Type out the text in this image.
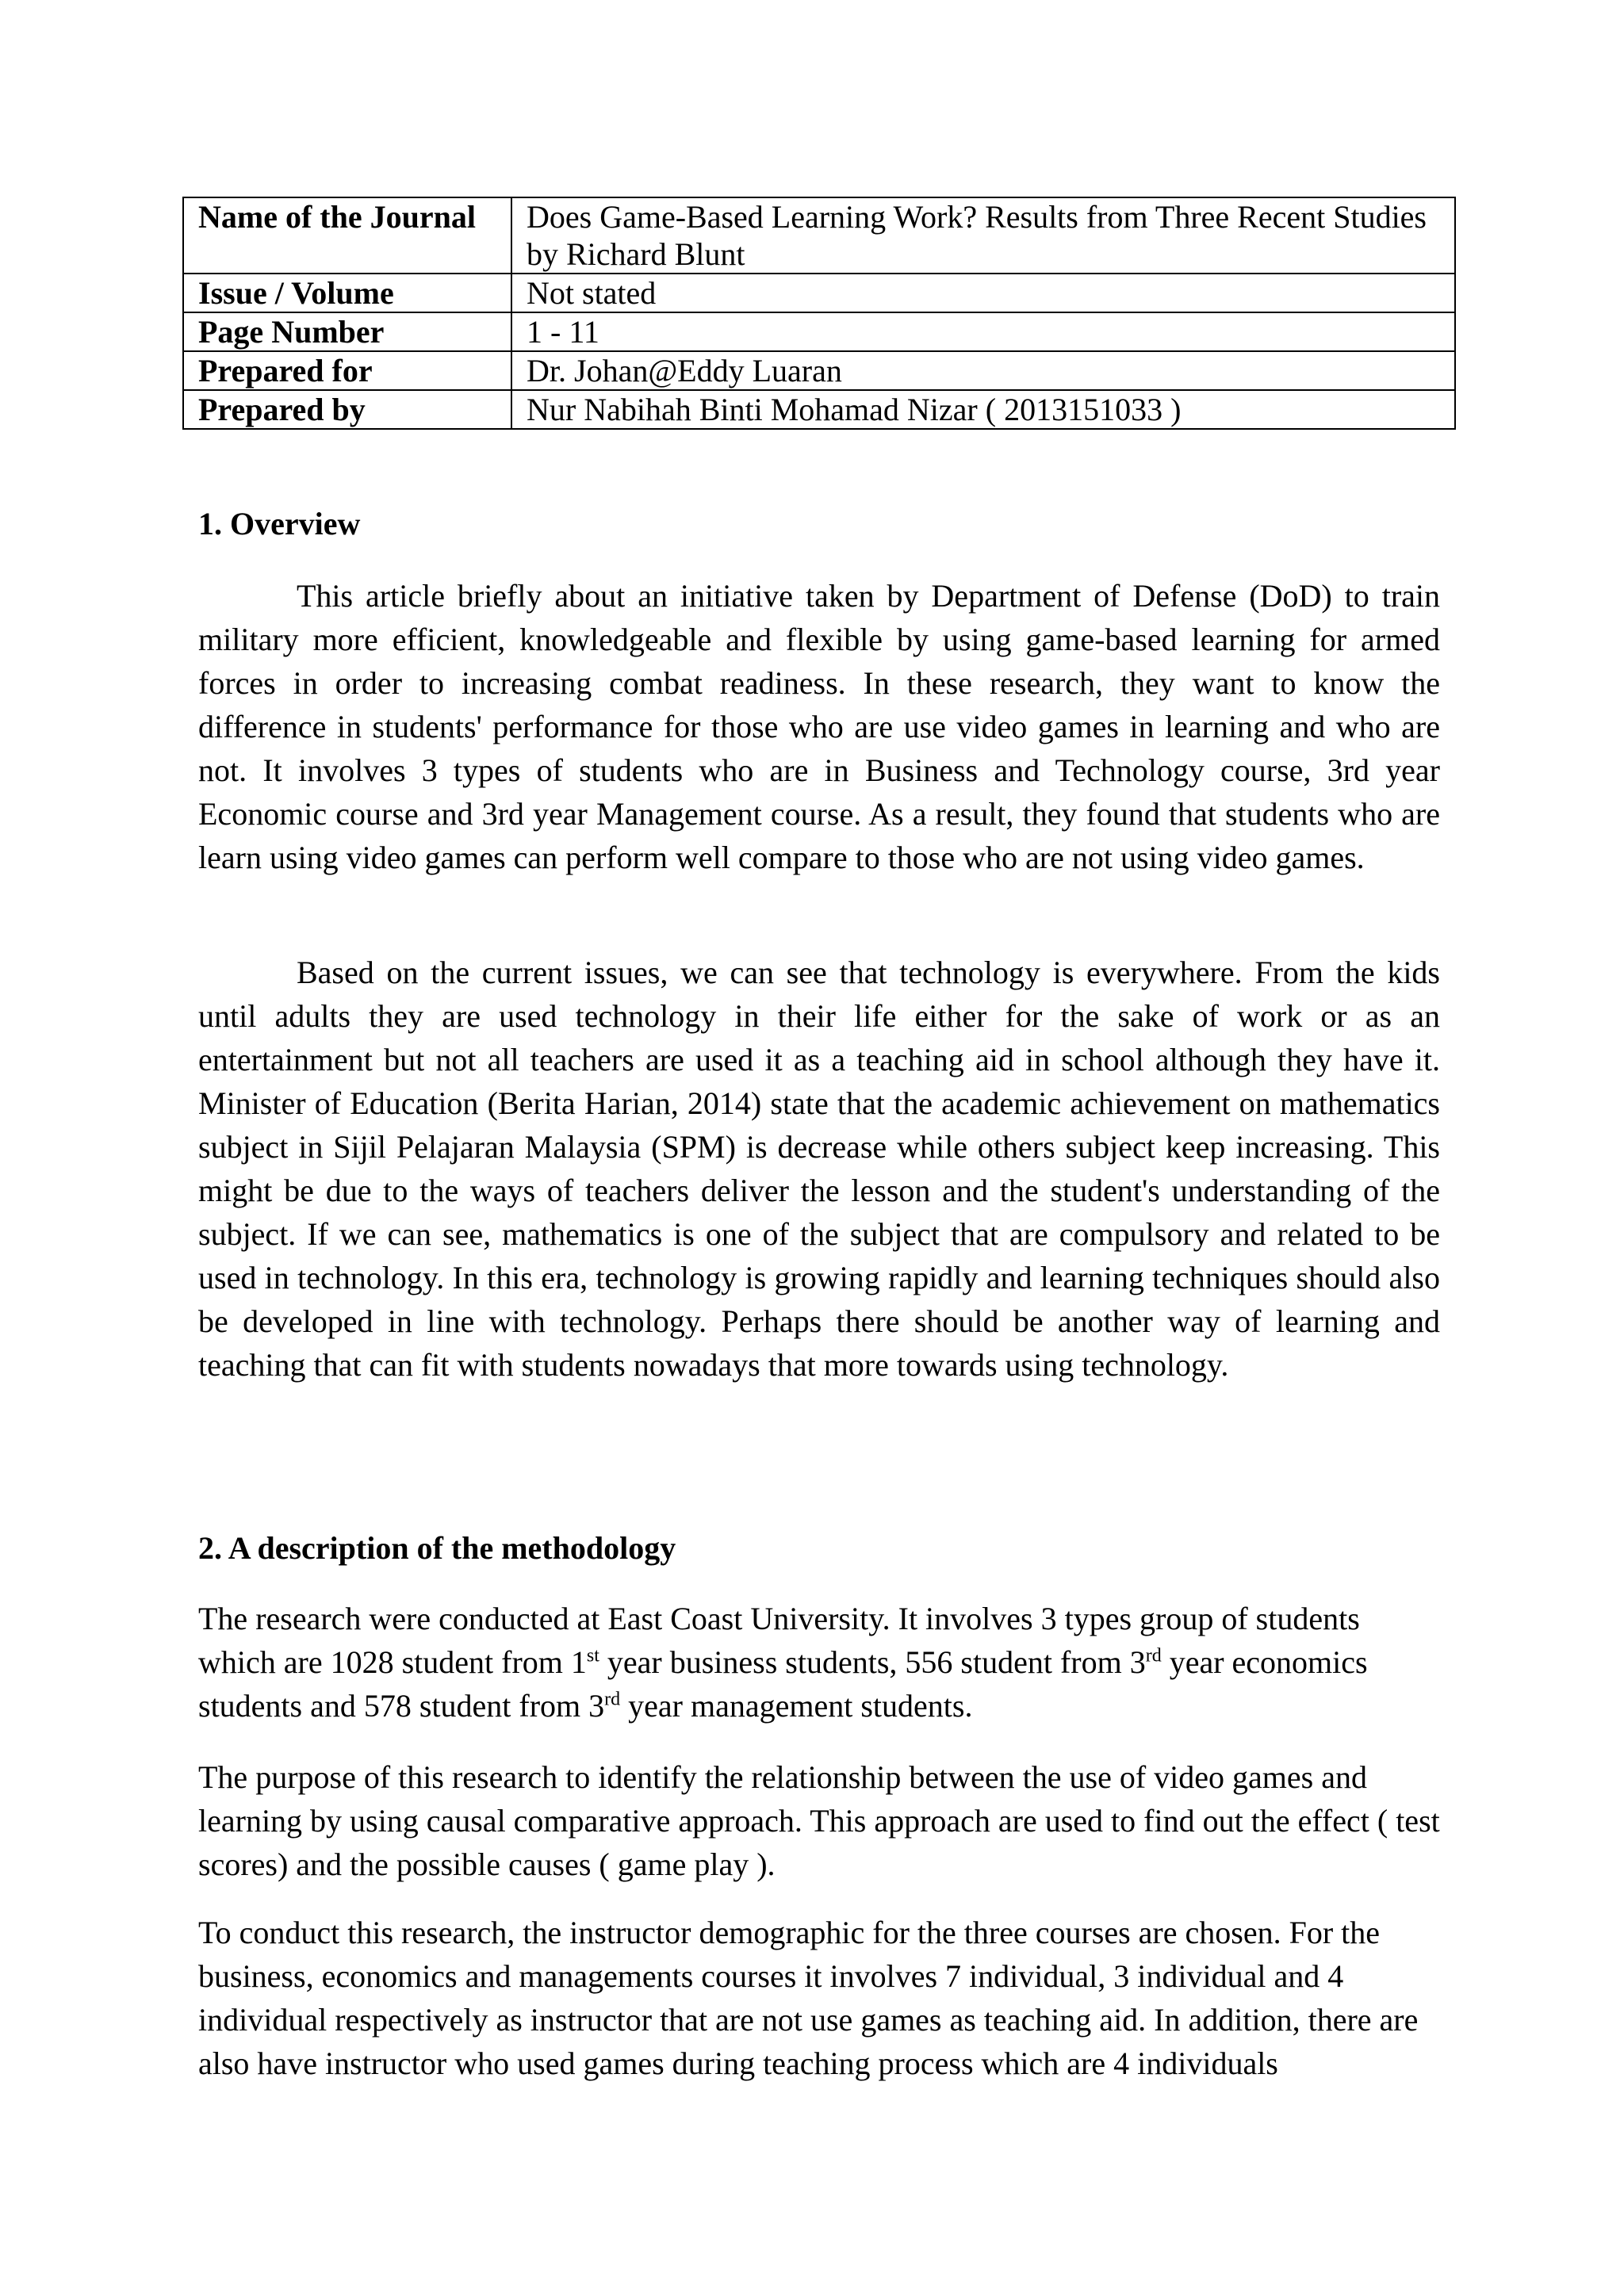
Name of the Journal	Does Game-Based Learning Work? Results from Three Recent Studies by Richard Blunt
Issue / Volume	Not stated
Page Number	1 - 11
Prepared for	Dr. Johan@Eddy Luaran
Prepared by	Nur Nabihah Binti Mohamad Nizar ( 2013151033 )
1. Overview

This article briefly about an initiative taken by Department of Defense (DoD) to train military more efficient, knowledgeable and flexible by using game-based learning for armed forces in order to increasing combat readiness. In these research, they want to know the difference in students' performance for those who are use video games in learning and who are not. It involves 3 types of students who are in Business and Technology course, 3rd year Economic course and 3rd year Management course. As a result, they found that students who are learn using video games can perform well compare to those who are not using video games.

Based on the current issues, we can see that technology is everywhere. From the kids until adults they are used technology in their life either for the sake of work or as an entertainment but not all teachers are used it as a teaching aid in school although they have it. Minister of Education (Berita Harian, 2014) state that the academic achievement on mathematics subject in Sijil Pelajaran Malaysia (SPM) is decrease while others subject keep increasing. This might be due to the ways of teachers deliver the lesson and the student's understanding of the subject. If we can see, mathematics is one of the subject that are compulsory and related to be used in technology. In this era, technology is growing rapidly and learning techniques should also be developed in line with technology. Perhaps there should be another way of learning and teaching that can fit with students nowadays that more towards using technology.

2. A description of the methodology

The research were conducted at East Coast University. It involves 3 types group of students which are 1028 student from 1st year business students, 556 student from 3rd year economics students and 578 student from 3rd year management students.

The purpose of this research to identify the relationship between the use of video games and learning by using causal comparative approach. This approach are used to find out the effect ( test scores) and the possible causes ( game play ).

To conduct this research, the instructor demographic for the three courses are chosen. For the business, economics and managements courses it involves 7 individual, 3 individual and 4 individual respectively as instructor that are not use games as teaching aid. In addition, there are also have instructor who used games during teaching process which are 4 individuals
